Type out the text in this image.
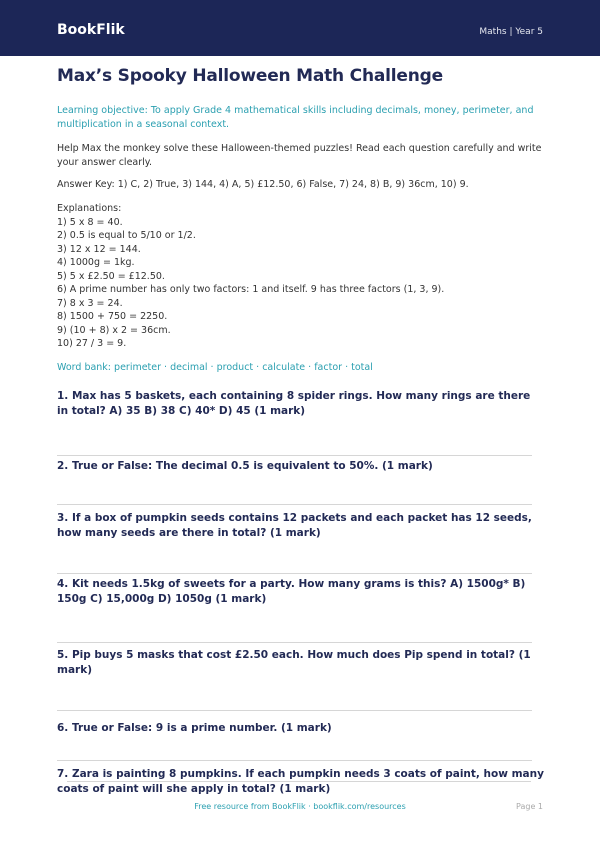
BookFlik	Maths | Year 5
Max’s Spooky Halloween Math Challenge
Learning objective: To apply Grade 4 mathematical skills including decimals, money, perimeter, and multiplication in a seasonal context.
Help Max the monkey solve these Halloween-themed puzzles! Read each question carefully and write your answer clearly.
Answer Key: 1) C, 2) True, 3) 144, 4) A, 5) £12.50, 6) False, 7) 24, 8) B, 9) 36cm, 10) 9.
Explanations:
1) 5 x 8 = 40.
2) 0.5 is equal to 5/10 or 1/2.
3) 12 x 12 = 144.
4) 1000g = 1kg.
5) 5 x £2.50 = £12.50.
6) A prime number has only two factors: 1 and itself. 9 has three factors (1, 3, 9).
7) 8 x 3 = 24.
8) 1500 + 750 = 2250.
9) (10 + 8) x 2 = 36cm.
10) 27 / 3 = 9.
Word bank: perimeter · decimal · product · calculate · factor · total
1. Max has 5 baskets, each containing 8 spider rings. How many rings are there in total? A) 35 B) 38 C) 40* D) 45 (1 mark)
2. True or False: The decimal 0.5 is equivalent to 50%. (1 mark)
3. If a box of pumpkin seeds contains 12 packets and each packet has 12 seeds, how many seeds are there in total? (1 mark)
4. Kit needs 1.5kg of sweets for a party. How many grams is this? A) 1500g* B) 150g C) 15,000g D) 1050g (1 mark)
5. Pip buys 5 masks that cost £2.50 each. How much does Pip spend in total? (1 mark)
6. True or False: 9 is a prime number. (1 mark)
7. Zara is painting 8 pumpkins. If each pumpkin needs 3 coats of paint, how many coats of paint will she apply in total? (1 mark)
Free resource from BookFlik · bookflik.com/resources	Page 1
